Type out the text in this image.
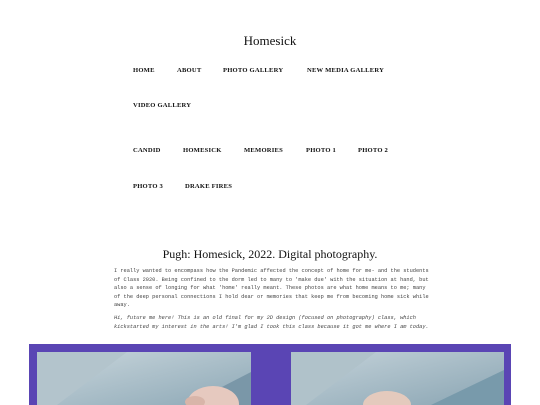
Homesick
HOME	ABOUT	PHOTO GALLERY	NEW MEDIA GALLERY
VIDEO GALLERY
CANDID	HOMESICK	MEMORIES	PHOTO 1	PHOTO 2
PHOTO 3	DRAKE FIRES
Pugh: Homesick, 2022. Digital photography.

I really wanted to encompass how the Pandemic affected the concept of home for me- and the students of Class 2020. Being confined to the dorm led to many to 'make due' with the situation at hand, but also a sense of longing for what 'home' really meant. These photos are what home means to me; many of the deep personal connections I hold dear or memories that keep me from becoming home sick while away.

Hi, future me here! This is an old final for my 2D design (focused on photography) class, which kickstarted my interest in the arts! I'm glad I took this class because it got me where I am today.
